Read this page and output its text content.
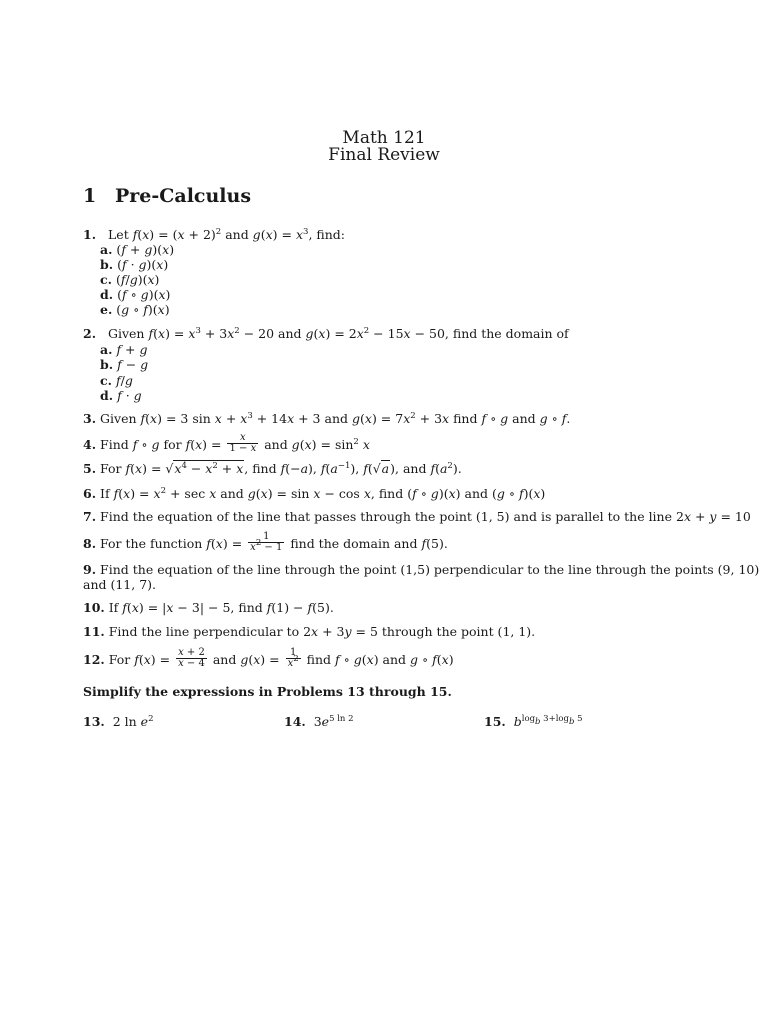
Math 121
Final Review
1 Pre-Calculus
1.   Let $f(x) = (x + 2)^2$ and $g(x) = x^3$, find:
a. (f + g)(x)
b. (f · g)(x)
c. (f/g)(x)
d. (f ∘ g)(x)
e. (g ∘ f)(x)
2.   Given $f(x) = x^3 + 3x^2 - 20$ and $g(x) = 2x^2 - 15x - 50$, find the domain of
a. f + g
b. f − g
c. f/g
d. f · g
3. Given f(x) = 3 $\sin x + x^3 + 14x + 3$ and $g(x) = 7x^2 + 3x$ find f ∘ g and g ∘ f.
4. Find f ∘ g for $f(x) = \frac{x}{1 - x}$ and $g(x) = \sin^2 x$
5. For $f(x) = √x^4 - x^2 + x$, find f(−a), $f(a^{-1})$, f(√a), and $f(a^2)$.
6. If $f(x) = x^2 + \sec x$ and g(x) = sin x − cos x, find (f ∘ g)(x) and (g ∘ f)(x)
7. Find the equation of the line that passes through the point (1, 5) and is parallel to the line 2x + y = 10
8. For the function $f(x) = \frac{1}{x^2 - 1}$ find the domain and f(5).
9. Find the equation of the line through the point (1,5) perpendicular to the line through the points (9, 10)
and (11, 7).
10. If f(x) = |x − 3| − 5, find f(1) − f(5).
11. Find the line perpendicular to 2x + 3y = 5 through the point (1, 1).
12. For $f(x) = \frac{x + 2}{x - 4}$ and $g(x) = \frac{1}{x^2}$ find f ∘ g(x) and g ∘ f(x)
Simplify the expressions in Problems 13 through 15.
13.  2 $\ln e^2$	14.  $3e^{5 ln 2}$	15. $b^{log_b 3+log_b 5}$
